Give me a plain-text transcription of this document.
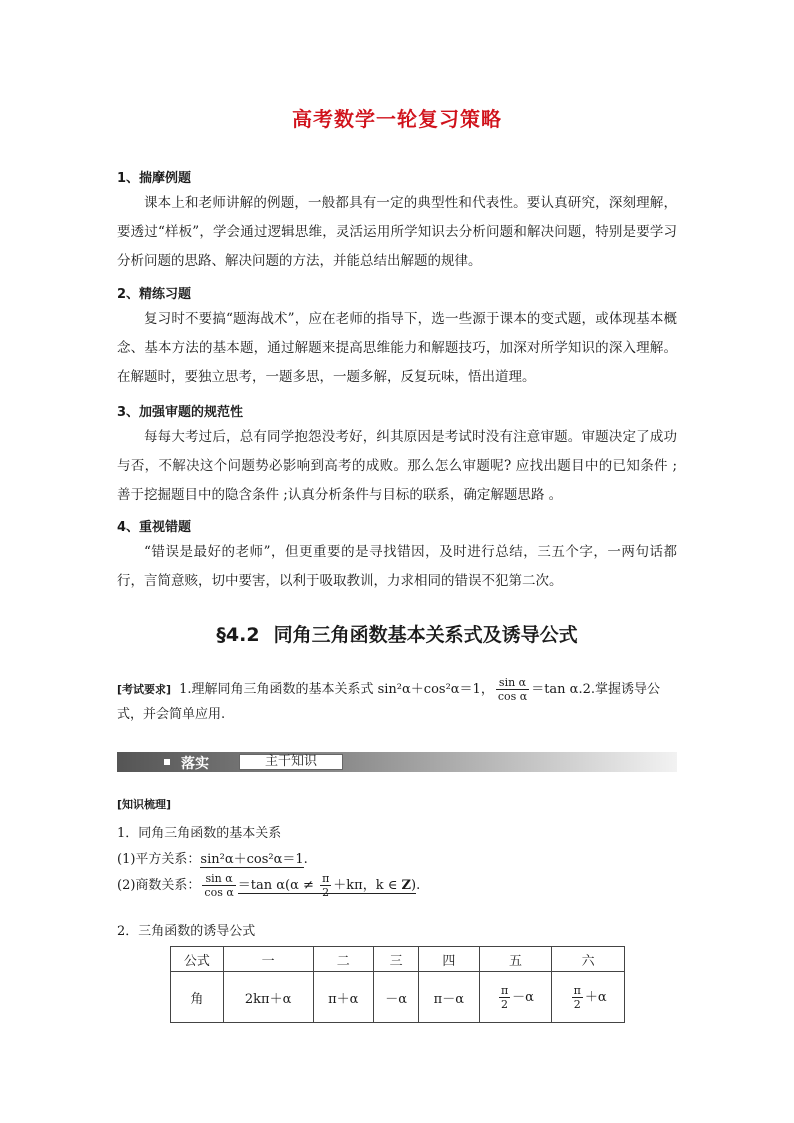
高考数学一轮复习策略
1、揣摩例题
课本上和老师讲解的例题，一般都具有一定的典型性和代表性。要认真研究，深刻理解，要透过“样板”，学会通过逻辑思维，灵活运用所学知识去分析问题和解决问题，特别是要学习分析问题的思路、解决问题的方法，并能总结出解题的规律。
2、精练习题
复习时不要搞“题海战术”，应在老师的指导下，选一些源于课本的变式题，或体现基本概念、基本方法的基本题，通过解题来提高思维能力和解题技巧，加深对所学知识的深入理解。在解题时，要独立思考，一题多思，一题多解，反复玩味，悟出道理。
3、加强审题的规范性
每每大考过后，总有同学抱怨没考好，纠其原因是考试时没有注意审题。审题决定了成功与否，不解决这个问题势必影响到高考的成败。那么怎么审题呢? 应找出题目中的已知条件 ;善于挖掘题目中的隐含条件 ;认真分析条件与目标的联系，确定解题思路 。
4、重视错题
“错误是最好的老师”，但更重要的是寻找错因，及时进行总结，三五个字，一两句话都行，言简意赅，切中要害，以利于吸取教训，力求相同的错误不犯第二次。
§4.2 同角三角函数基本关系式及诱导公式
[考试要求] 1.理解同角三角函数的基本关系式 sin²α＋cos²α＝1， $\frac{\text{sin α}}{\text{cos α}} =\tan$ α.2.掌握诱导公式，并会简单应用.
落实	主干知识
[知识梳理]
1．同角三角函数的基本关系
(1)平方关系：sin²α＋cos²α＝1.
(2)商数关系： $\frac{\text{sin α}}{\text{cos α}} =\tan$ $\alpha(\alpha \ne \frac{\pi}{2} +k\pi$，k ∈ Z).
2．三角函数的诱导公式
公式	一	二	三	四	五	六
角	2kπ＋α	π＋α	－α	π－α	$\frac{\pi}{2} -\alpha$	$\frac{\pi}{2} +\alpha$
